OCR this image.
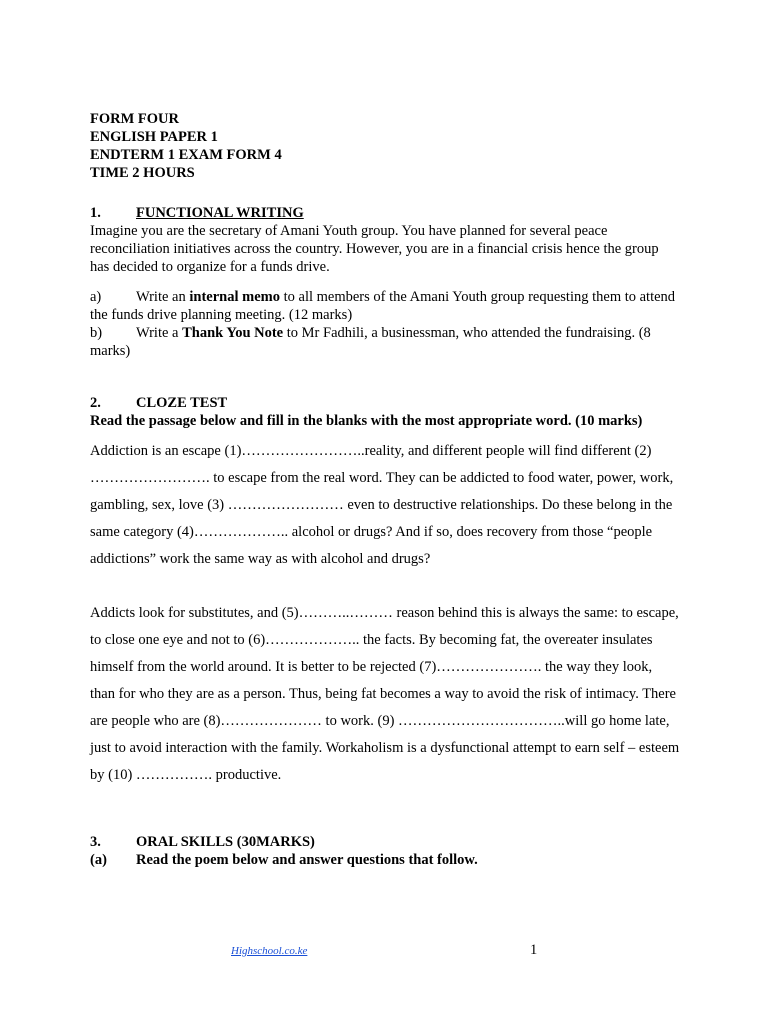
FORM FOUR

ENGLISH PAPER 1

ENDTERM 1 EXAM FORM 4

TIME 2 HOURS

1.	FUNCTIONAL WRITING

Imagine you are the secretary of Amani Youth group. You have planned for several peace reconciliation initiatives across the country. However, you are in a financial crisis hence the group has decided to organize for a funds drive.

a) Write an internal memo to all members of the Amani Youth group requesting them to attend the funds drive planning meeting. (12 marks)

b) Write a Thank You Note to Mr Fadhili, a businessman, who attended the fundraising. (8 marks)

2.	CLOZE TEST

Read the passage below and fill in the blanks with the most appropriate word. (10 marks)

Addiction is an escape (1)……………………..reality, and different people will find different (2) ……………………. to escape from the real word. They can be addicted to food water, power, work, gambling, sex, love (3) …………………… even to destructive relationships. Do these belong in the same category (4)……………….. alcohol or drugs? And if so, does recovery from those “people addictions” work the same way as with alcohol and drugs?

Addicts look for substitutes, and (5)………..……… reason behind this is always the same: to escape, to close one eye and not to (6)……………….. the facts. By becoming fat, the overeater insulates himself from the world around. It is better to be rejected (7)…………………. the way they look, than for who they are as a person. Thus, being fat becomes a way to avoid the risk of intimacy. There are people who are (8)………………… to work. (9) ……………………………..will go home late, just to avoid interaction with the family. Workaholism is a dysfunctional attempt to earn self – esteem by (10) ……………. productive.

3.	ORAL SKILLS (30MARKS)
(a)	Read the poem below and answer questions that follow.
Highschool.co.ke	1
